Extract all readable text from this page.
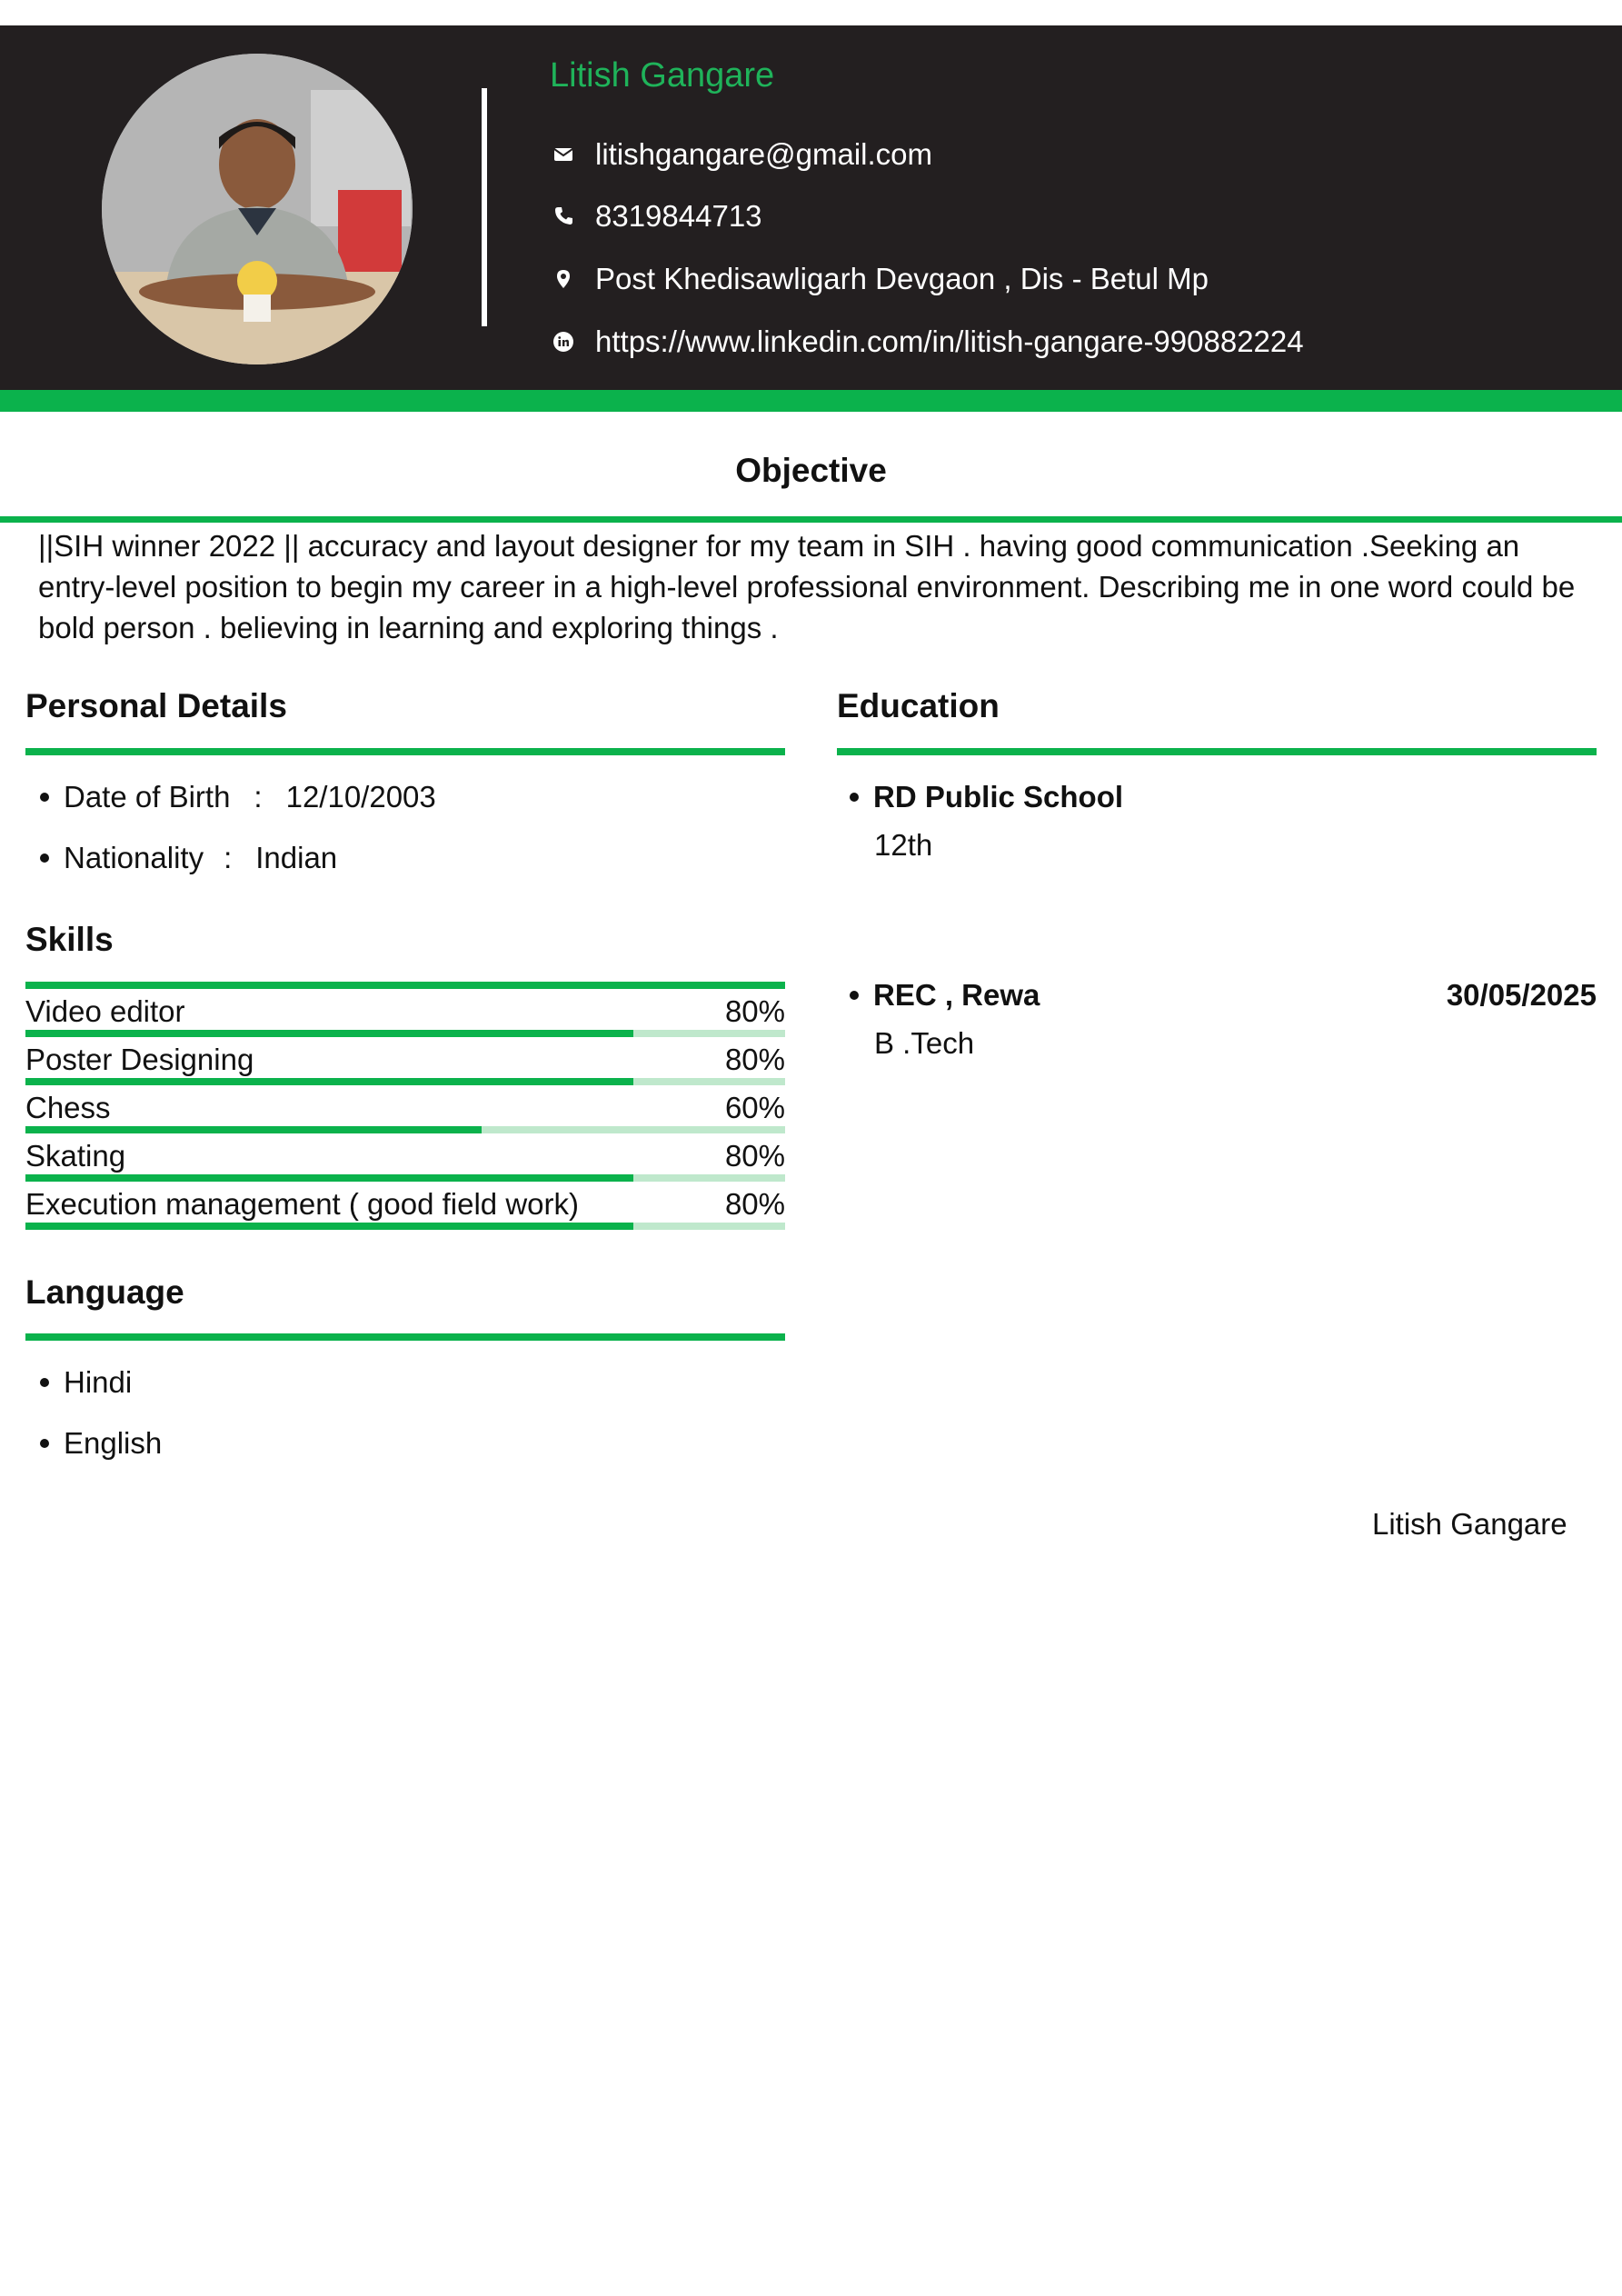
Litish Gangare
litishgangare@gmail.com
8319844713
Post Khedisawligarh Devgaon , Dis - Betul Mp
https://www.linkedin.com/in/litish-gangare-990882224
Objective
||SIH winner 2022 || accuracy and layout designer for my team in SIH . having good communication .Seeking an entry-level position to begin my career in a high-level professional environment. Describing me in one word could be bold person . believing in learning and exploring things .
Personal Details
Date of Birth : 12/10/2003
Nationality : Indian
Skills
Video editor	80%
Poster Designing	80%
Chess	60%
Skating	80%
Execution management ( good field work)	80%
Language
Hindi
English
Education
RD Public School
12th
REC , Rewa	30/05/2025
B .Tech
Litish Gangare
